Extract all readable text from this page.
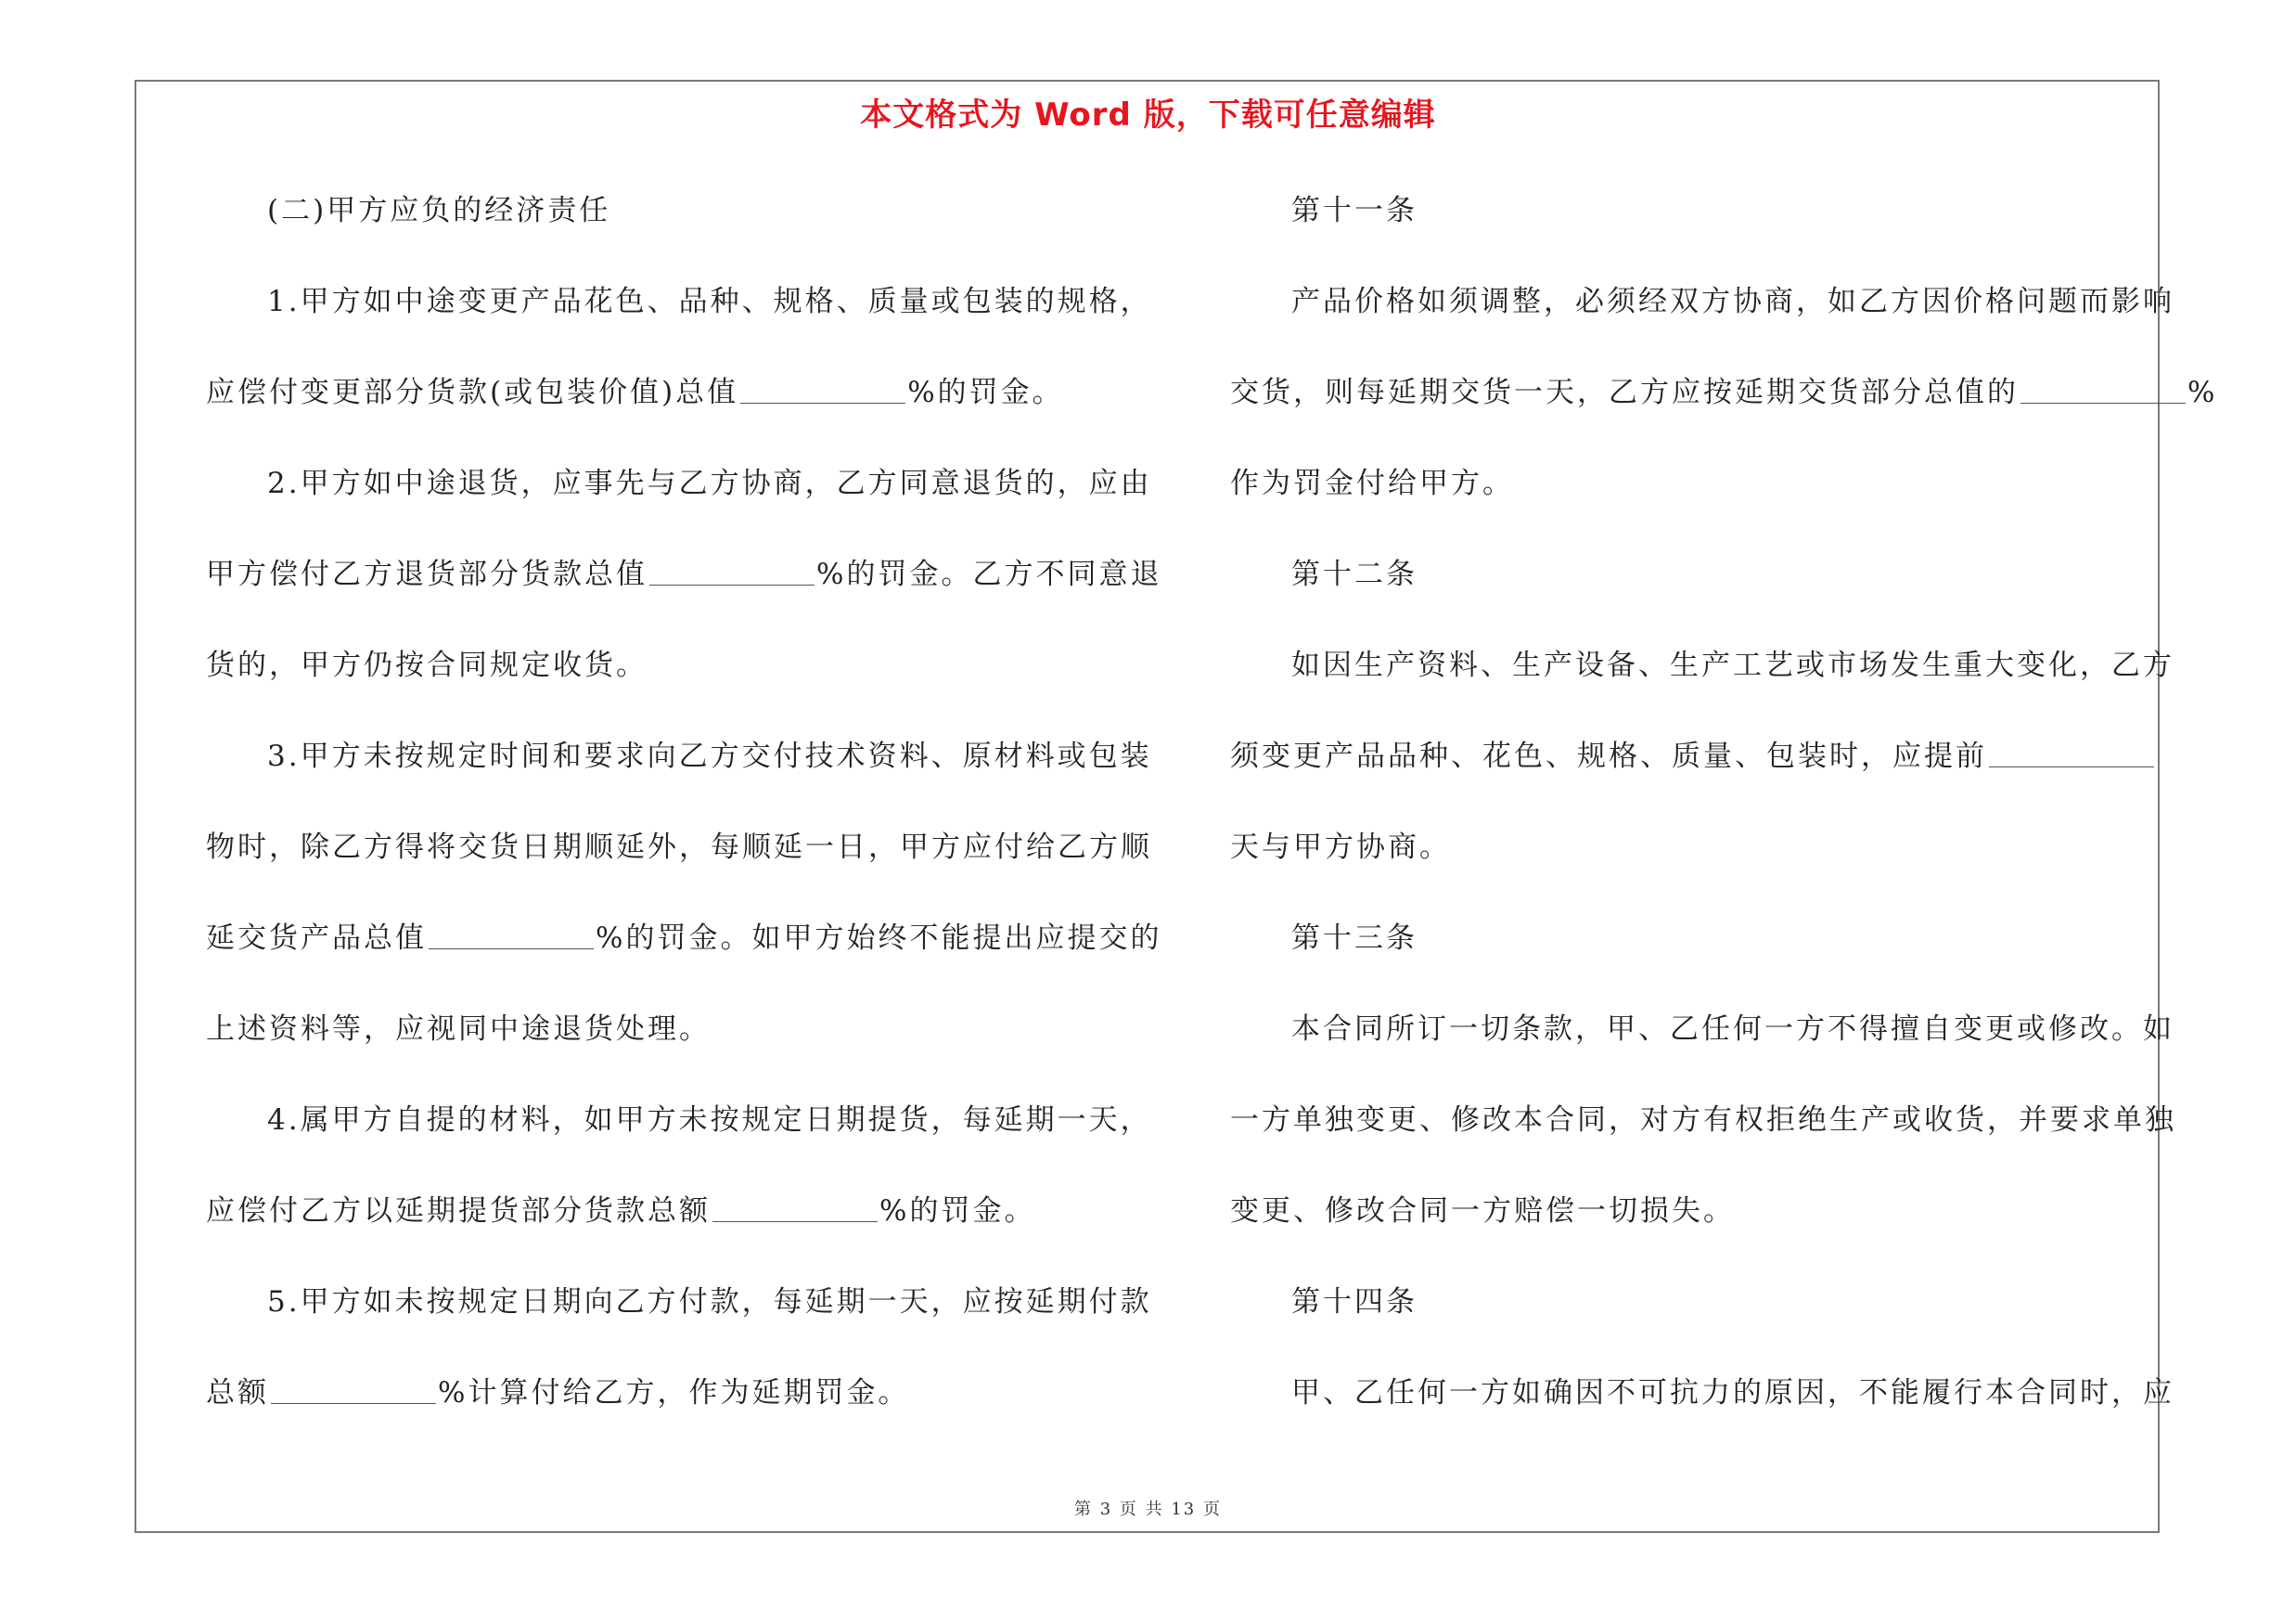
本文格式为 Word 版，下载可任意编辑

(二)甲方应负的经济责任

1.甲方如中途变更产品花色、品种、规格、质量或包装的规格，

应偿付变更部分货款(或包装价值)总值	%的罚金。

2.甲方如中途退货，应事先与乙方协商，乙方同意退货的，应由

甲方偿付乙方退货部分货款总值	%的罚金。乙方不同意退

货的，甲方仍按合同规定收货。

3.甲方未按规定时间和要求向乙方交付技术资料、原材料或包装

物时，除乙方得将交货日期顺延外，每顺延一日，甲方应付给乙方顺

延交货产品总值	%的罚金。如甲方始终不能提出应提交的

上述资料等，应视同中途退货处理。

4.属甲方自提的材料，如甲方未按规定日期提货，每延期一天，

应偿付乙方以延期提货部分货款总额	%的罚金。

5.甲方如未按规定日期向乙方付款，每延期一天，应按延期付款

总额	%计算付给乙方，作为延期罚金。

第十一条

产品价格如须调整，必须经双方协商，如乙方因价格问题而影响

交货，则每延期交货一天，乙方应按延期交货部分总值的	%

作为罚金付给甲方。

第十二条

如因生产资料、生产设备、生产工艺或市场发生重大变化，乙方

须变更产品品种、花色、规格、质量、包装时，应提前

天与甲方协商。

第十三条

本合同所订一切条款，甲、乙任何一方不得擅自变更或修改。如

一方单独变更、修改本合同，对方有权拒绝生产或收货，并要求单独

变更、修改合同一方赔偿一切损失。

第十四条

甲、乙任何一方如确因不可抗力的原因，不能履行本合同时，应

第 3 页 共 13 页
